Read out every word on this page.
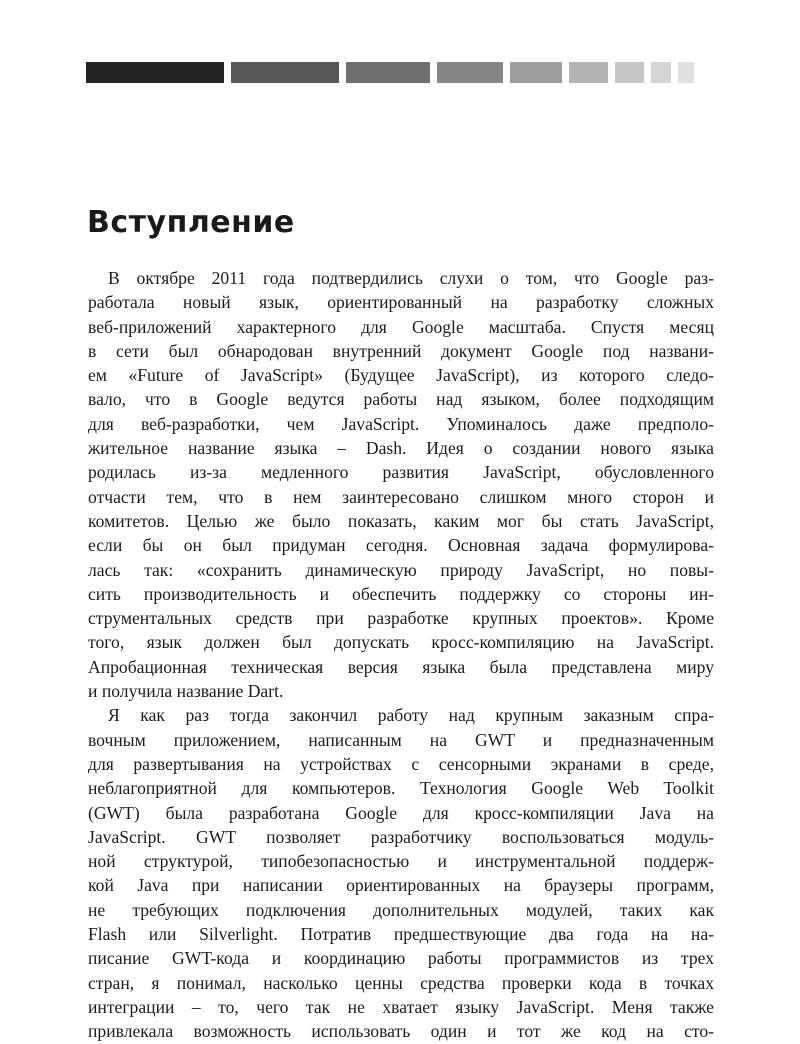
Вступление

В октябре 2011 года подтвердились слухи о том, что Google раз-
работала новый язык, ориентированный на разработку сложных
веб-приложений характерного для Google масштаба. Спустя месяц
в сети был обнародован внутренний документ Google под названи-
ем «Future of JavaScript» (Будущее JavaScript), из которого следо-
вало, что в Google ведутся работы над языком, более подходящим
для веб-разработки, чем JavaScript. Упоминалось даже предполо-
жительное название языка – Dash. Идея о создании нового языка
родилась из-за медленного развития JavaScript, обусловленного
отчасти тем, что в нем заинтересовано слишком много сторон и
комитетов. Целью же было показать, каким мог бы стать JavaScript,
если бы он был придуман сегодня. Основная задача формулирова-
лась так: «сохранить динамическую природу JavaScript, но повы-
сить производительность и обеспечить поддержку со стороны ин-
струментальных средств при разработке крупных проектов». Кроме
того, язык должен был допускать кросс-компиляцию на JavaScript.
Апробационная техническая версия языка была представлена миру
и получила название Dart.

Я как раз тогда закончил работу над крупным заказным спра-
вочным приложением, написанным на GWT и предназначенным
для развертывания на устройствах с сенсорными экранами в среде,
неблагоприятной для компьютеров. Технология Google Web Toolkit
(GWT) была разработана Google для кросс-компиляции Java на
JavaScript. GWT позволяет разработчику воспользоваться модуль-
ной структурой, типобезопасностью и инструментальной поддерж-
кой Java при написании ориентированных на браузеры программ,
не требующих подключения дополнительных модулей, таких как
Flash или Silverlight. Потратив предшествующие два года на на-
писание GWT-кода и координацию работы программистов из трех
стран, я понимал, насколько ценны средства проверки кода в точках
интеграции – то, чего так не хватает языку JavaScript. Меня также
привлекала возможность использовать один и тот же код на сто-
